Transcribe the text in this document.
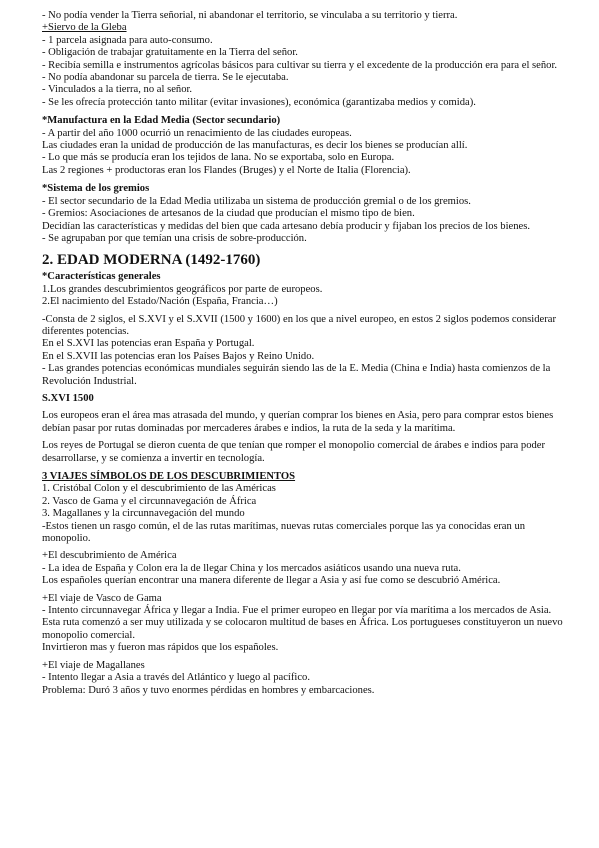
- No podía vender la Tierra señorial, ni abandonar el territorio, se vinculaba a su territorio y tierra.
+Siervo de la Gleba
- 1 parcela asignada para auto-consumo.
- Obligación de trabajar gratuitamente en la Tierra del señor.
- Recibía semilla e instrumentos agrícolas básicos para cultivar su tierra y el excedente de la producción era para el señor.
- No podía abandonar su parcela de tierra. Se le ejecutaba.
- Vinculados a la tierra, no al señor.
- Se les ofrecía protección tanto militar (evitar invasiones), económica (garantizaba medios y comida).
*Manufactura en la Edad Media (Sector secundario)
- A partir del año 1000 ocurrió un renacimiento de las ciudades europeas.
Las ciudades eran la unidad de producción de las manufacturas, es decir los bienes se producían allí.
- Lo que más se producía eran los tejidos de lana. No se exportaba, solo en Europa.
Las 2 regiones + productoras eran los Flandes (Bruges) y el Norte de Italia (Florencia).
*Sistema de los gremios
- El sector secundario de la Edad Media utilizaba un sistema de producción gremial o de los gremios.
- Gremios: Asociaciones de artesanos de la ciudad que producían el mismo tipo de bien.
Decidían las características y medidas del bien que cada artesano debía producir y fijaban los precios de los bienes.
- Se agrupaban por que temían una crisis de sobre-producción.
2. EDAD MODERNA (1492-1760)
*Características generales
1.Los grandes descubrimientos geográficos por parte de europeos.
2.El nacimiento del Estado/Nación (España, Francia…)
-Consta de 2 siglos, el S.XVI y el S.XVII (1500 y 1600) en los que a nivel europeo, en estos 2 siglos podemos considerar diferentes potencias.
En el S.XVI las potencias eran España y Portugal.
En el S.XVII las potencias eran los Países Bajos y Reino Unido.
- Las grandes potencias económicas mundiales seguirán siendo las de la E. Media (China e India) hasta comienzos de la Revolución Industrial.
S.XVI 1500
Los europeos eran el área mas atrasada del mundo, y querían comprar los bienes en Asia, pero para comprar estos bienes debían pasar por rutas dominadas por mercaderes árabes e indios, la ruta de la seda y la marítima.
Los reyes de Portugal se dieron cuenta de que tenían que romper el monopolio comercial de árabes e indios para poder desarrollarse, y se comienza a invertir en tecnología.
3 VIAJES SÍMBOLOS DE LOS DESCUBRIMIENTOS
1. Cristóbal Colon y el descubrimiento de las Américas
2. Vasco de Gama y el circunnavegación de África
3. Magallanes y la circunnavegación del mundo
-Estos tienen un rasgo común, el de las rutas marítimas, nuevas rutas comerciales porque las ya conocidas eran un monopolio.
+El descubrimiento de América
- La idea de España y Colon era la de llegar China y los mercados asiáticos usando una nueva ruta.
Los españoles querían encontrar una manera diferente de llegar a Asia y así fue como se descubrió América.
+El viaje de Vasco de Gama
- Intento circunnavegar África y llegar a India. Fue el primer europeo en llegar por vía marítima a los mercados de Asia. Esta ruta comenzó a ser muy utilizada y se colocaron multitud de bases en África. Los portugueses constituyeron un nuevo monopolio comercial.
Invirtieron mas y fueron mas rápidos que los españoles.
+El viaje de Magallanes
- Intento llegar a Asia a través del Atlántico y luego al pacífico.
Problema: Duró 3 años y tuvo enormes pérdidas en hombres y embarcaciones.
